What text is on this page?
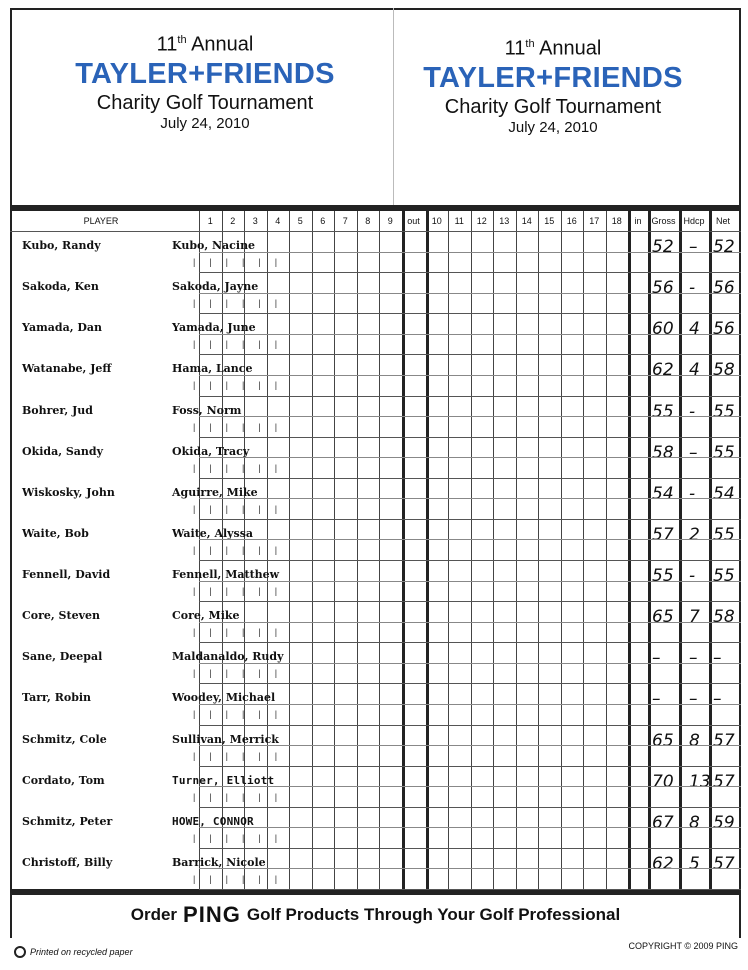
11th Annual
TAYLER+FRIENDS
Charity Golf Tournament
July 24, 2010
11th Annual
TAYLER+FRIENDS
Charity Golf Tournament
July 24, 2010
PLAYER	1	2	3	4	5	6	7	8	9	out	10	11	12	13	14	15	16	17	18	in	Gross Hdcp	Net
Kubo, Randy	Kubo, Nacine
||||||
52 – 52
Sakoda, Ken	Sakoda, Jayne
||||||
56 - 56
Yamada, Dan	Yamada, June
||||||
60 4 56
Watanabe, Jeff	Hama, Lance
||||||
62 4 58
Bohrer, Jud	Foss, Norm
||||||
55 - 55
Okida, Sandy	Okida, Tracy
||||||
58 – 55
Wiskosky, John	Aguirre, Mike
||||||
54 - 54
Waite, Bob	Waite, Alyssa
||||||
57 2 55
Fennell, David	Fennell, Matthew
||||||
55 - 55
Core, Steven	Core, Mike
||||||
65 7 58
Sane, Deepal	Maldanaldo, Rudy
||||||
– – –
Tarr, Robin	Woodey, Michael
||||||
– – –
Schmitz, Cole	Sullivan, Merrick
||||||
65 8 57
Cordato, Tom	Turner, Elliott
||||||
70 13 57
Schmitz, Peter	HOWE, CONNOR
||||||
67 8 59
Christoff, Billy	Barrick, Nicole
||||||
62 5 57
Order PING Golf Products Through Your Golf Professional
Printed on recycled paper
COPYRIGHT © 2009 PING
